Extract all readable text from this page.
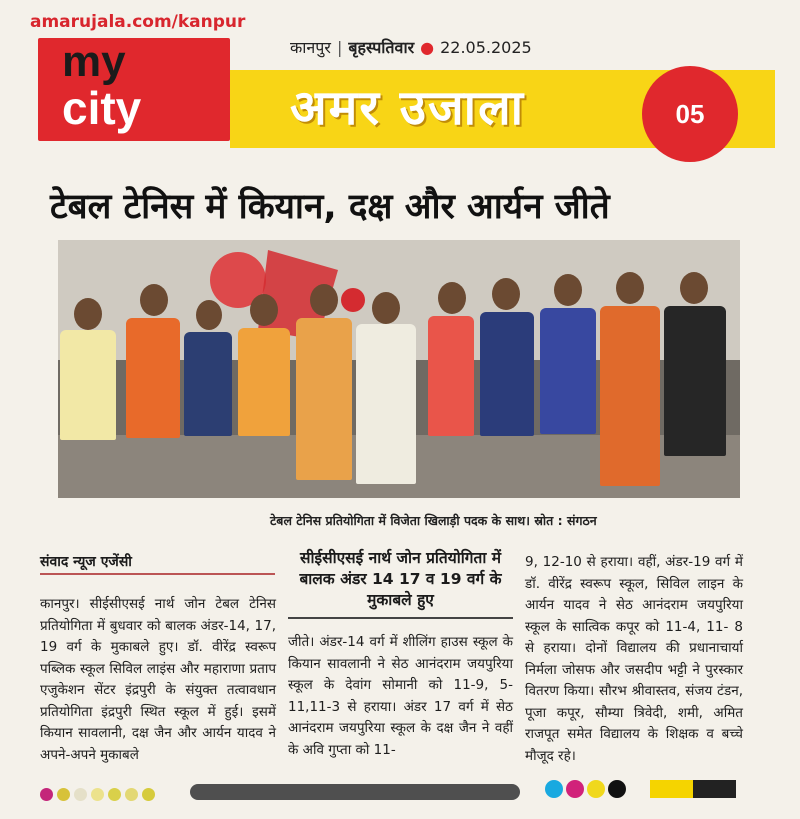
amarujala.com/kanpur
कानपुर | बृहस्पतिवार ● 22.05.2025
my
city	अमर उजाला	05
टेबल टेनिस में कियान, दक्ष और आर्यन जीते
टेबल टेनिस प्रतियोगिता में विजेता खिलाड़ी पदक के साथ। स्रोत : संगठन
संवाद न्यूज एजेंसी

कानपुर। सीईसीएसई नार्थ जोन टेबल टेनिस प्रतियोगिता में बुधवार को बालक अंडर-14, 17, 19 वर्ग के मुकाबले हुए। डॉ. वीरेंद्र स्वरूप पब्लिक स्कूल सिविल लाइंस और महाराणा प्रताप एजुकेशन सेंटर इंद्रपुरी के संयुक्त तत्वावधान प्रतियोगिता इंद्रपुरी स्थित स्कूल में हुई। इसमें कियान सावलानी, दक्ष जैन और आर्यन यादव ने अपने-अपने मुकाबले

सीईसीएसई नार्थ जोन प्रतियोगिता में बालक अंडर 14 17 व 19 वर्ग के मुकाबले हुए

जीते। अंडर-14 वर्ग में शीलिंग हाउस स्कूल के कियान सावलानी ने सेठ आनंदराम जयपुरिया स्कूल के देवांग सोमानी को 11-9, 5-11,11-3 से हराया। अंडर 17 वर्ग में सेठ आनंदराम जयपुरिया स्कूल के दक्ष जैन ने वहीं के अवि गुप्ता को 11-

9, 12-10 से हराया। वहीं, अंडर-19 वर्ग में डॉ. वीरेंद्र स्वरूप स्कूल, सिविल लाइन के आर्यन यादव ने सेठ आनंदराम जयपुरिया स्कूल के सात्विक कपूर को 11-4, 11- 8 से हराया। दोनों विद्यालय की प्रधानाचार्या निर्मला जोसफ और जसदीप भट्टी ने पुरस्कार वितरण किया। सौरभ श्रीवास्तव, संजय टंडन, पूजा कपूर, सौम्या त्रिवेदी, शमी, अमित राजपूत समेत विद्यालय के शिक्षक व बच्चे मौजूद रहे।
